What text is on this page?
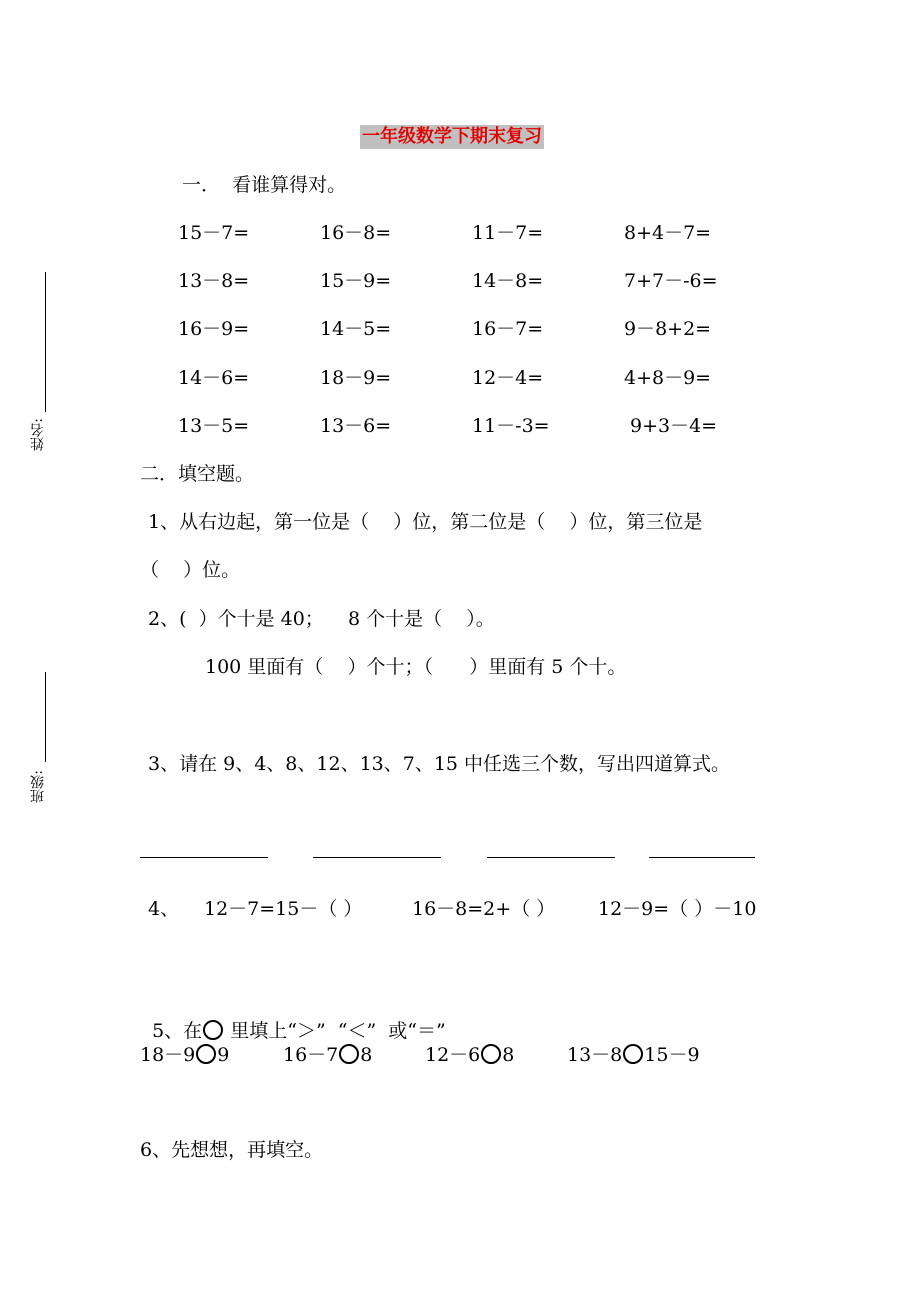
一年级数学下期末复习
姓名:
班级:
一．  看谁算得对。
15－7=	16－8=	11－7=	8+4－7=
13－8=	15－9=	14－8=	7+7－-6=
16－9=	14－5=	16－7=	9－8+2=
14－6=	18－9=	12－4=	4+8－9=
13－5=	13－6=	11－-3=	9+3－4=
二．填空题。
1、从右边起，第一位是（    ）位，第二位是（    ）位，第三位是
（    ）位。
2、(  ）个十是 40；    8 个十是（    ）。
100 里面有（    ）个十；（      ）里面有 5 个十。
3、请在 9、4、8、12、13、7、15 中任选三个数，写出四道算式。
4、 12－7=15－（ ）	16－8=2+（ ） 12－9=（ ）－10

5、在 里填上“＞”  “＜”  或“＝”

18－9 9	16－7 8	12－6 8	13－8 15－9
6、先想想，再填空。
